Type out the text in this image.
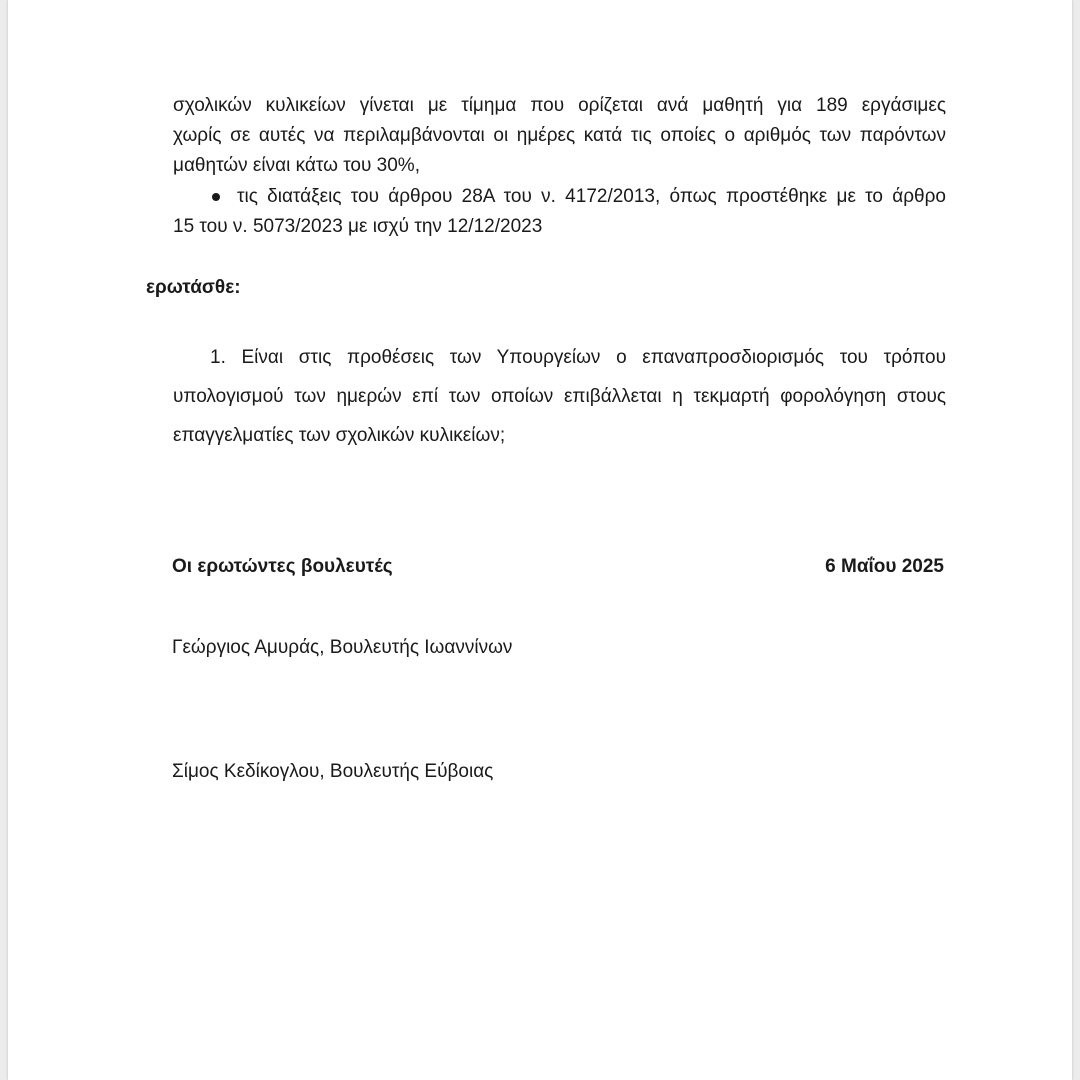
σχολικών κυλικείων γίνεται με τίμημα που ορίζεται ανά μαθητή για 189 εργάσιμες
χωρίς σε αυτές να περιλαμβάνονται οι ημέρες κατά τις οποίες ο αριθμός των παρόντων
μαθητών είναι κάτω του 30%,
τις διατάξεις του άρθρου 28Α του ν. 4172/2013, όπως προστέθηκε με το άρθρο
15 του ν. 5073/2023 με ισχύ την 12/12/2023
ερωτάσθε:
1. Είναι στις προθέσεις των Υπουργείων ο επαναπροσδιορισμός του τρόπου
υπολογισμού των ημερών επί των οποίων επιβάλλεται η τεκμαρτή φορολόγηση στους
επαγγελματίες των σχολικών κυλικείων;
Οι ερωτώντες βουλευτές	6 Μαΐου 2025
Γεώργιος Αμυράς, Βουλευτής Ιωαννίνων
Σίμος Κεδίκογλου, Βουλευτής Εύβοιας
